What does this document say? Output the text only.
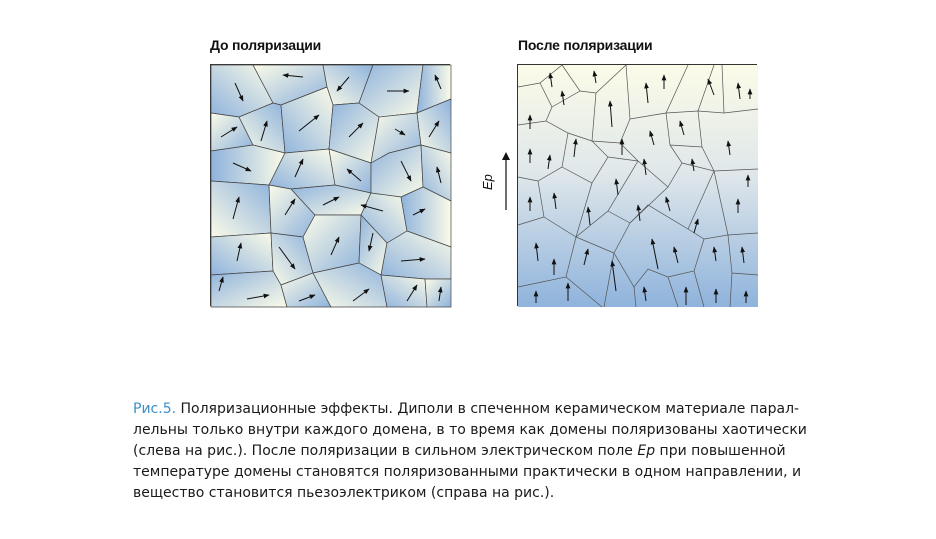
До поляризации	После поляризации
Ep

Рис.5. Поляризационные эффекты. Диполи в спеченном керамическом материале парал-
лельны только внутри каждого домена, в то время как домены поляризованы хаотически
(слева на рис.). После поляризации в сильном электрическом поле Ep при повышенной
температуре домены становятся поляризованными практически в одном направлении, и
вещество становится пьезоэлектриком (справа на рис.).
